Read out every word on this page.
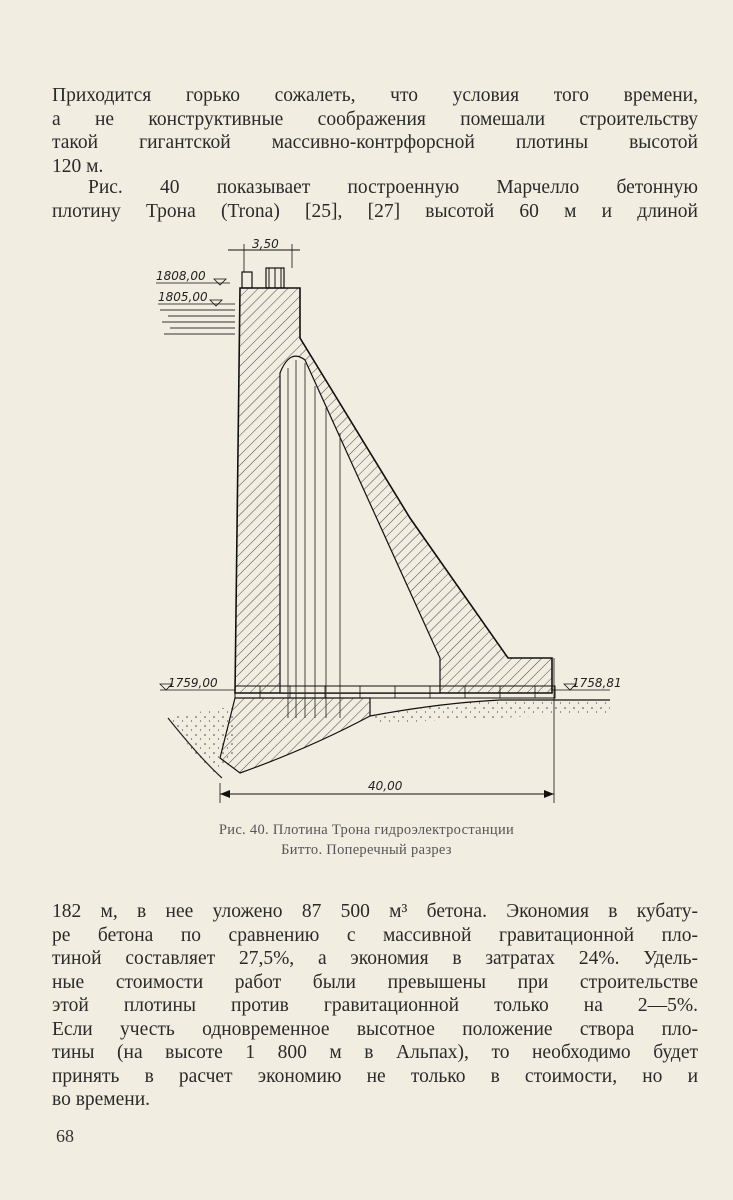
Приходится горько сожалеть, что условия того времени,
а не конструктивные соображения помешали строительству
такой гигантской массивно-контрфорсной плотины высотой
120 м.

Рис. 40 показывает построенную Марчелло бетонную
плотину Трона (Trona) [25], [27] высотой 60 м и длиной

3,50
1808,00
1805,00
1759,00	1758,81
40,00
Рис. 40. Плотина Трона гидроэлектростанции
Битто. Поперечный разрез

182 м, в нее уложено 87 500 м³ бетона. Экономия в кубату-
ре бетона по сравнению с массивной гравитационной пло-
тиной составляет 27,5%, а экономия в затратах 24%. Удель-
ные стоимости работ были превышены при строительстве
этой плотины против гравитационной только на 2—5%.
Если учесть одновременное высотное положение створа пло-
тины (на высоте 1 800 м в Альпах), то необходимо будет
принять в расчет экономию не только в стоимости, но и
во времени.

68
